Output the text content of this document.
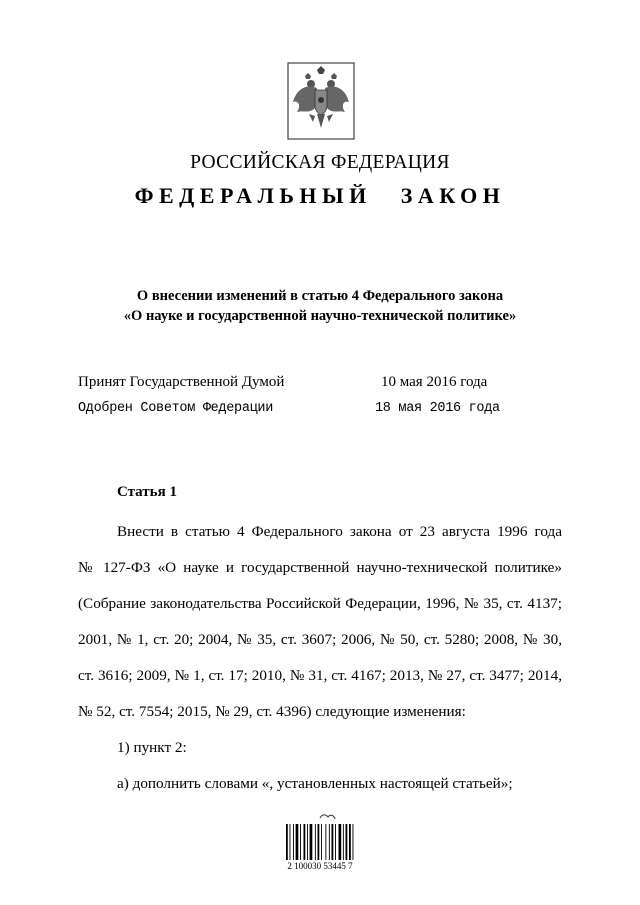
РОССИЙСКАЯ ФЕДЕРАЦИЯ
ФЕДЕРАЛЬНЫЙ ЗАКОН
О внесении изменений в статью 4 Федерального закона
«О науке и государственной научно-технической политике»
Принят Государственной Думой	10 мая 2016 года
Одобрен Советом Федерации	18 мая 2016 года
Статья 1
Внести в статью 4 Федерального закона от 23 августа 1996 года
№ 127-ФЗ «О науке и государственной научно-технической политике»
(Собрание законодательства Российской Федерации, 1996, № 35, ст. 4137;
2001, № 1, ст. 20; 2004, № 35, ст. 3607; 2006, № 50, ст. 5280; 2008, № 30,
ст. 3616; 2009, № 1, ст. 17; 2010, № 31, ст. 4167; 2013, № 27, ст. 3477; 2014,
№ 52, ст. 7554; 2015, № 29, ст. 4396) следующие изменения:
1) пункт 2:
а) дополнить словами «, установленных настоящей статьей»;
2 100030 53445 7
